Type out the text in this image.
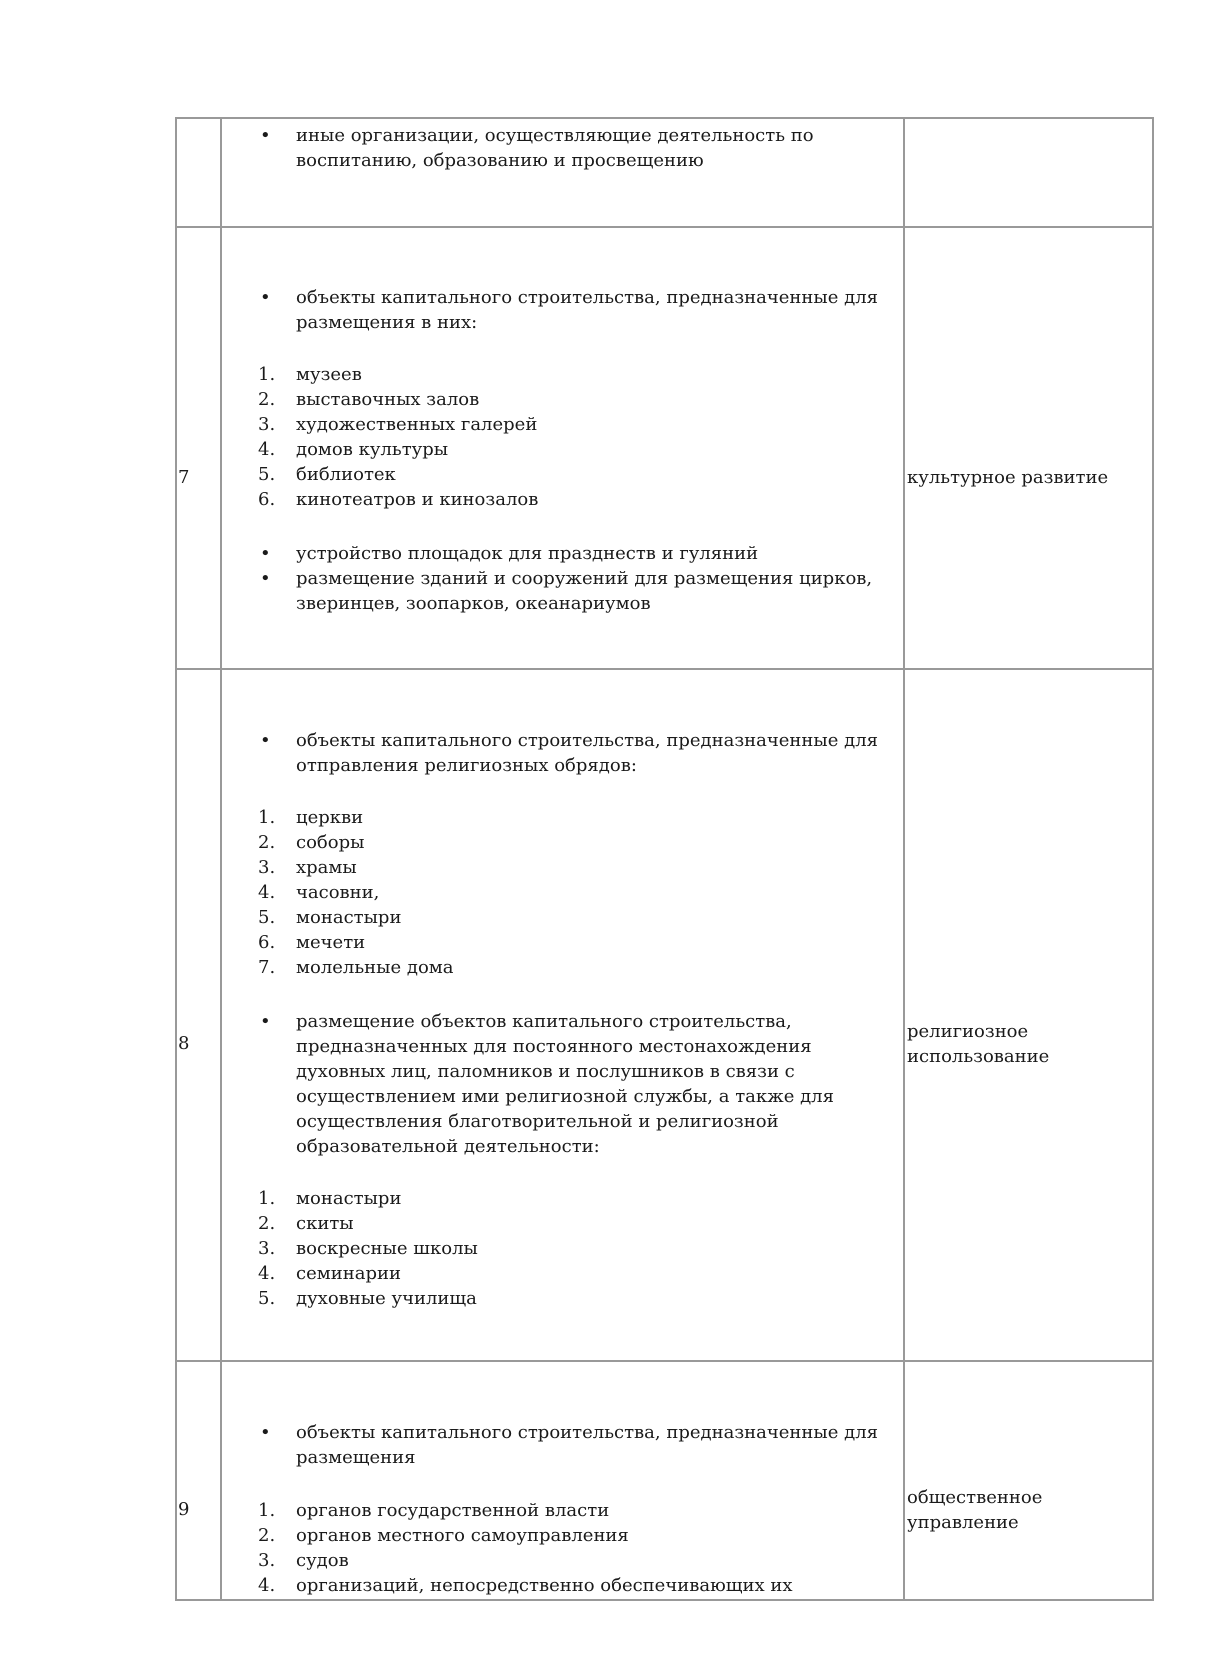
• иные организации, осуществляющие деятельность по
воспитанию, образованию и просвещению
7
• объекты капитального строительства, предназначенные для
размещения в них:
1. музеев
2. выставочных залов
3. художественных галерей
4. домов культуры
5. библиотек
6. кинотеатров и кинозалов
• устройство площадок для празднеств и гуляний
• размещение зданий и сооружений для размещения цирков,
зверинцев, зоопарков, океанариумов
культурное развитие
8
• объекты капитального строительства, предназначенные для
отправления религиозных обрядов:
1. церкви
2. соборы
3. храмы
4. часовни,
5. монастыри
6. мечети
7. молельные дома
• размещение объектов капитального строительства,
предназначенных для постоянного местонахождения
духовных лиц, паломников и послушников в связи с
осуществлением ими религиозной службы, а также для
осуществления благотворительной и религиозной
образовательной деятельности:
1. монастыри
2. скиты
3. воскресные школы
4. семинарии
5. духовные училища
религиозное
использование
9
• объекты капитального строительства, предназначенные для
размещения
1. органов государственной власти
2. органов местного самоуправления
3. судов
4. организаций, непосредственно обеспечивающих их
общественное
управление
